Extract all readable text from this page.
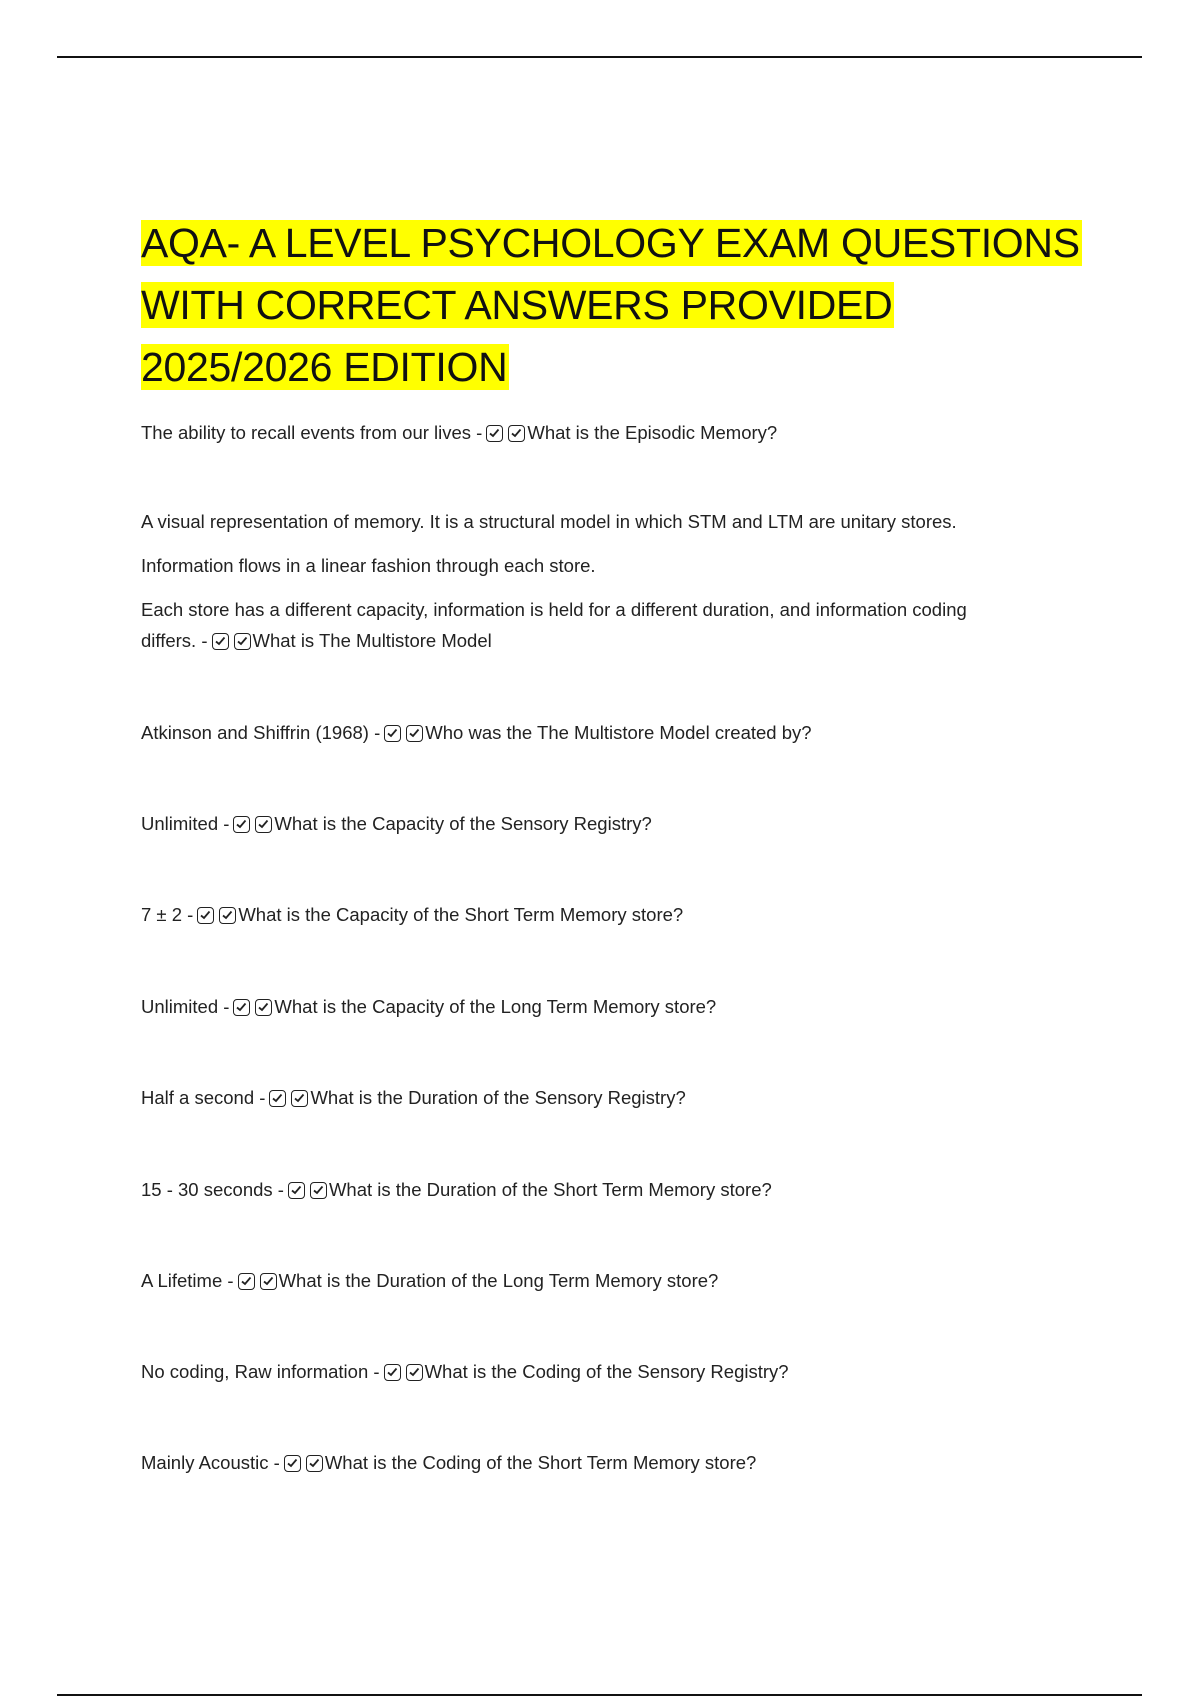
AQA- A LEVEL PSYCHOLOGY EXAM QUESTIONS
WITH CORRECT ANSWERS PROVIDED
2025/2026 EDITION
The ability to recall events from our lives - What is the Episodic Memory?
A visual representation of memory. It is a structural model in which STM and LTM are unitary stores.
Information flows in a linear fashion through each store.
Each store has a different capacity, information is held for a different duration, and information coding
differs. - What is The Multistore Model
Atkinson and Shiffrin (1968) - Who was the The Multistore Model created by?
Unlimited - What is the Capacity of the Sensory Registry?
7 ± 2 - What is the Capacity of the Short Term Memory store?
Unlimited - What is the Capacity of the Long Term Memory store?
Half a second - What is the Duration of the Sensory Registry?
15 - 30 seconds - What is the Duration of the Short Term Memory store?
A Lifetime - What is the Duration of the Long Term Memory store?
No coding, Raw information - What is the Coding of the Sensory Registry?
Mainly Acoustic - What is the Coding of the Short Term Memory store?
